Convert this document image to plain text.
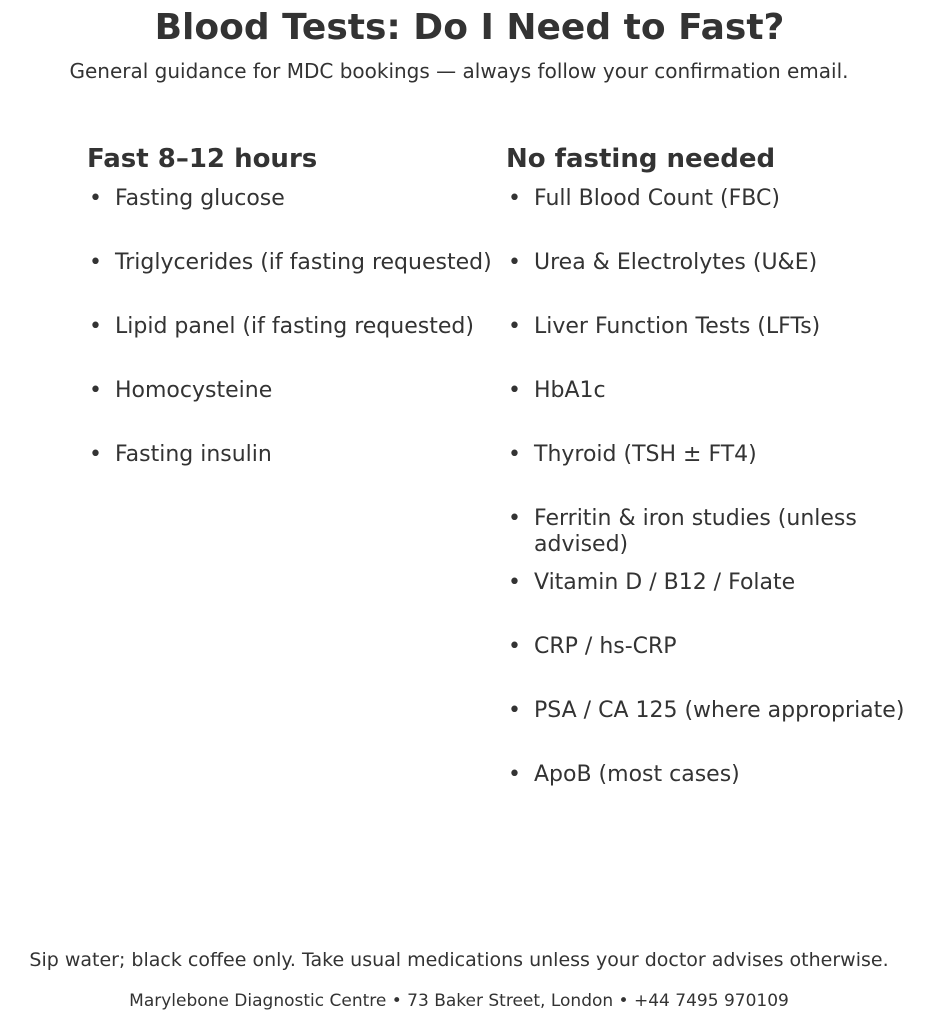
Blood Tests: Do I Need to Fast?

General guidance for MDC bookings — always follow your confirmation email.

Fast 8–12 hours
• Fasting glucose
• Triglycerides (if fasting requested)
• Lipid panel (if fasting requested)
• Homocysteine
• Fasting insulin
No fasting needed
• Full Blood Count (FBC)
• Urea & Electrolytes (U&E)
• Liver Function Tests (LFTs)
• HbA1c
• Thyroid (TSH ± FT4)
• Ferritin & iron studies (unless advised)
• Vitamin D / B12 / Folate
• CRP / hs-CRP
• PSA / CA 125 (where appropriate)
• ApoB (most cases)

Sip water; black coffee only. Take usual medications unless your doctor advises otherwise.

Marylebone Diagnostic Centre • 73 Baker Street, London • +44 7495 970109
